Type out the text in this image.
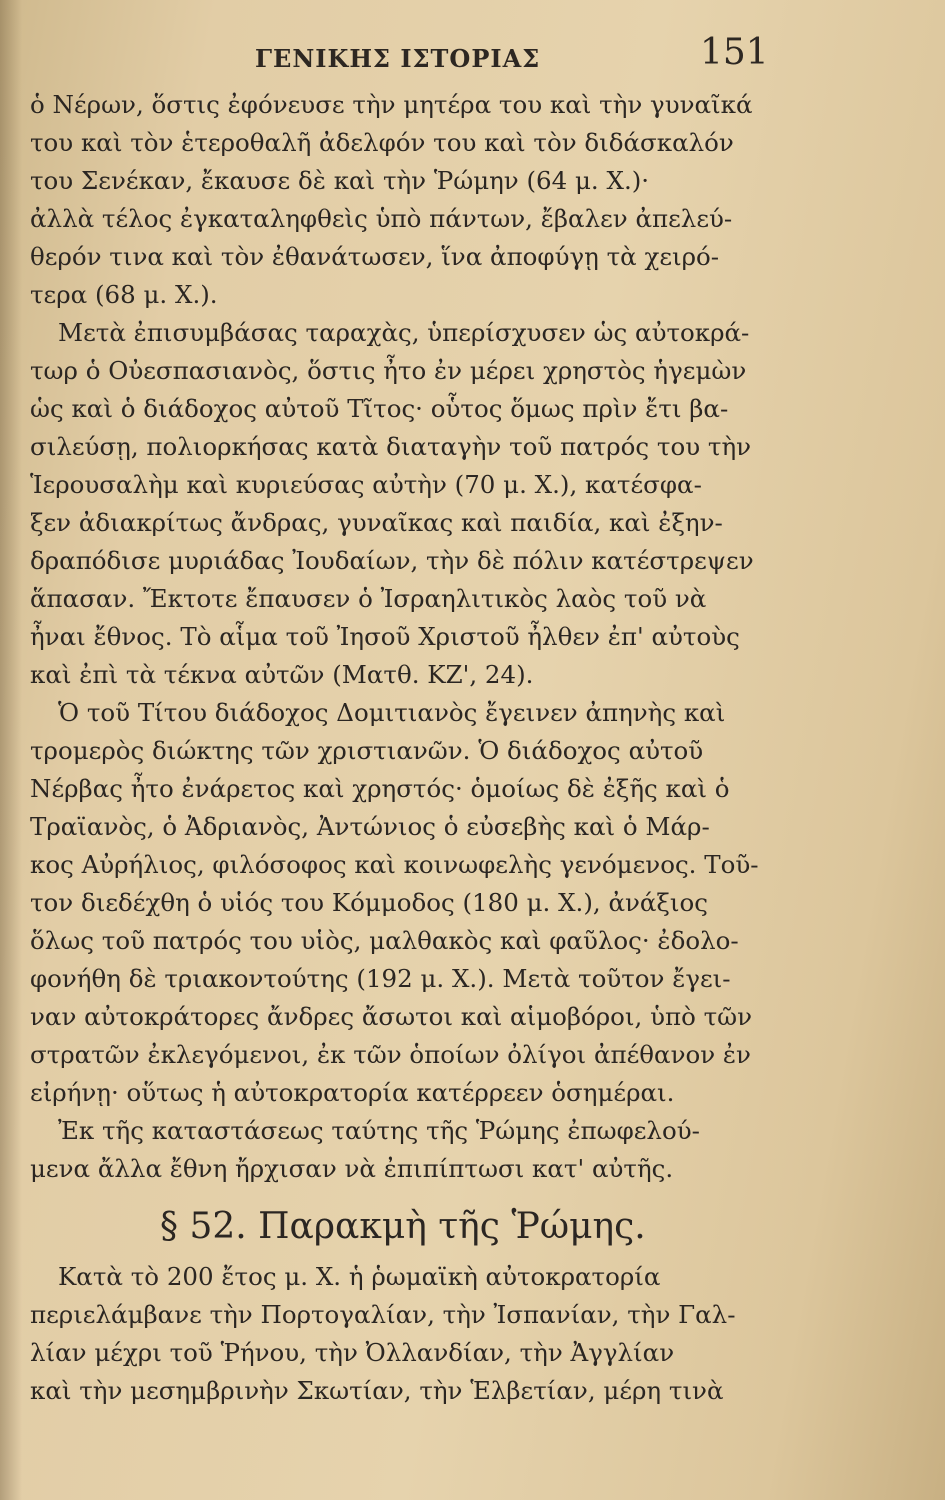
ΓΕΝΙΚΗΣ ΙΣΤΟΡΙΑΣ	151
ὁ Νέρων, ὅστις ἐφόνευσε τὴν μητέρα του καὶ τὴν γυναῖκά
του καὶ τὸν ἑτεροθαλῆ ἀδελφόν του καὶ τὸν διδάσκαλόν
του Σενέκαν, ἔκαυσε δὲ καὶ τὴν Ῥώμην (64 μ. Χ.)·
ἀλλὰ τέλος ἐγκαταληφθεὶς ὑπὸ πάντων, ἔβαλεν ἀπελεύ-
θερόν τινα καὶ τὸν ἐθανάτωσεν, ἵνα ἀποφύγῃ τὰ χειρό-
τερα (68 μ. Χ.).
Μετὰ ἐπισυμβάσας ταραχὰς, ὑπερίσχυσεν ὡς αὐτοκρά-
τωρ ὁ Οὐεσπασιανὸς, ὅστις ἦτο ἐν μέρει χρηστὸς ἡγεμὼν
ὡς καὶ ὁ διάδοχος αὐτοῦ Τῖτος· οὗτος ὅμως πρὶν ἔτι βα-
σιλεύσῃ, πολιορκήσας κατὰ διαταγὴν τοῦ πατρός του τὴν
Ἱερουσαλὴμ καὶ κυριεύσας αὐτὴν (70 μ. Χ.), κατέσφα-
ξεν ἀδιακρίτως ἄνδρας, γυναῖκας καὶ παιδία, καὶ ἐξην-
δραπόδισε μυριάδας Ἰουδαίων, τὴν δὲ πόλιν κατέστρεψεν
ἅπασαν. Ἔκτοτε ἔπαυσεν ὁ Ἰσραηλιτικὸς λαὸς τοῦ νὰ
ἦναι ἔθνος. Τὸ αἷμα τοῦ Ἰησοῦ Χριστοῦ ἦλθεν ἐπ' αὐτοὺς
καὶ ἐπὶ τὰ τέκνα αὐτῶν (Ματθ. ΚΖ', 24).
Ὁ τοῦ Τίτου διάδοχος Δομιτιανὸς ἔγεινεν ἀπηνὴς καὶ
τρομερὸς διώκτης τῶν χριστιανῶν. Ὁ διάδοχος αὐτοῦ
Νέρβας ἦτο ἐνάρετος καὶ χρηστός· ὁμοίως δὲ ἐξῆς καὶ ὁ
Τραϊανὸς, ὁ Ἀδριανὸς, Ἀντώνιος ὁ εὐσεβὴς καὶ ὁ Μάρ-
κος Αὐρήλιος, φιλόσοφος καὶ κοινωφελὴς γενόμενος. Τοῦ-
τον διεδέχθη ὁ υἱός του Κόμμοδος (180 μ. Χ.), ἀνάξιος
ὅλως τοῦ πατρός του υἱὸς, μαλθακὸς καὶ φαῦλος· ἐδολο-
φονήθη δὲ τριακοντούτης (192 μ. Χ.). Μετὰ τοῦτον ἔγει-
ναν αὐτοκράτορες ἄνδρες ἄσωτοι καὶ αἱμοβόροι, ὑπὸ τῶν
στρατῶν ἐκλεγόμενοι, ἐκ τῶν ὁποίων ὀλίγοι ἀπέθανον ἐν
εἰρήνῃ· οὕτως ἡ αὐτοκρατορία κατέρρεεν ὁσημέραι.
Ἐκ τῆς καταστάσεως ταύτης τῆς Ῥώμης ἐπωφελού-
μενα ἄλλα ἔθνη ἤρχισαν νὰ ἐπιπίπτωσι κατ' αὐτῆς.
§ 52. Παρακμὴ τῆς Ῥώμης.
Κατὰ τὸ 200 ἔτος μ. Χ. ἡ ῥωμαϊκὴ αὐτοκρατορία
περιελάμβανε τὴν Πορτογαλίαν, τὴν Ἰσπανίαν, τὴν Γαλ-
λίαν μέχρι τοῦ Ῥήνου, τὴν Ὀλλανδίαν, τὴν Ἀγγλίαν
καὶ τὴν μεσημβρινὴν Σκωτίαν, τὴν Ἑλβετίαν, μέρη τινὰ
